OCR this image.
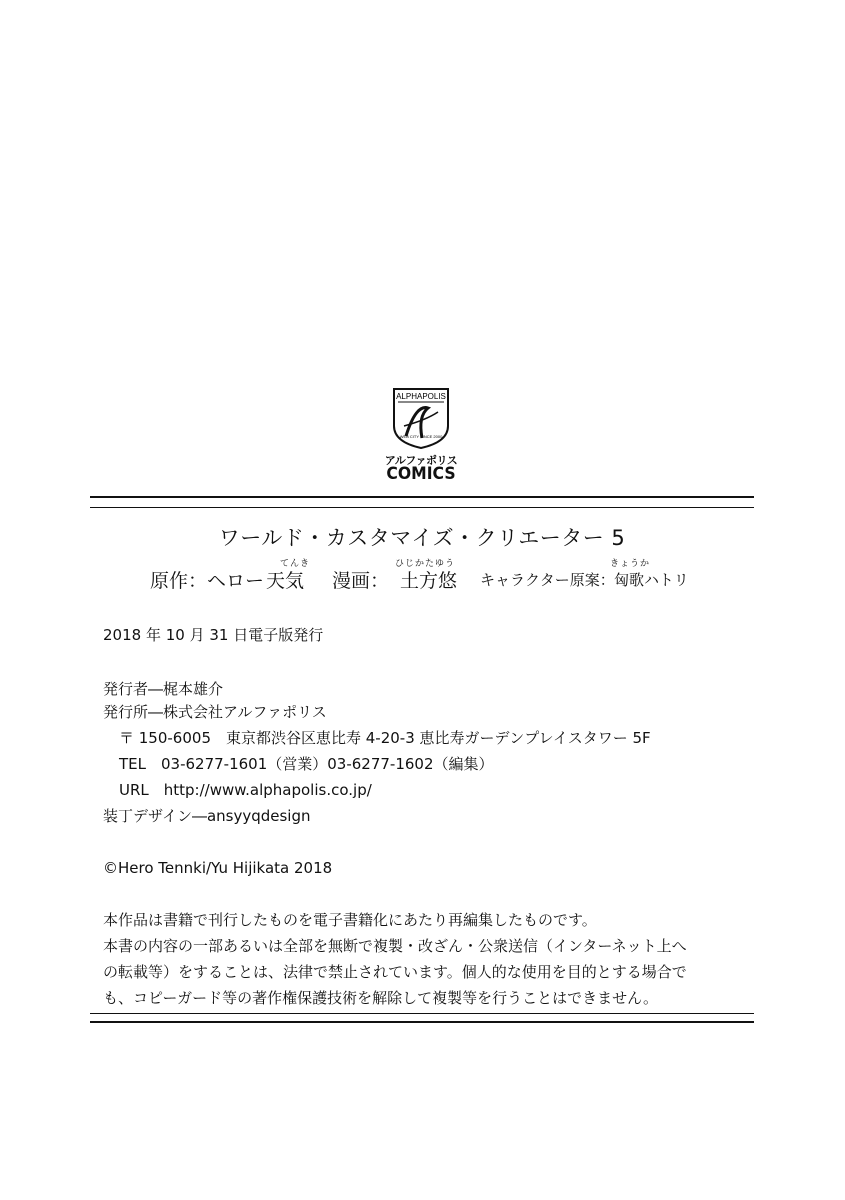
ALPHAPOLIS
WEB CITY SINCE 2000
アルファポリス
COMICS
ワールド・カスタマイズ・クリエーター 5
原作：ヘロー
てんき
天気 漫画：
ひじかたゆう
土方悠 キャラクター原案：
きょうか
匈歌ハトリ
2018 年 10 月 31 日電子版発行
発行者―梶本雄介
発行所―株式会社アルファポリス
〒 150-6005　東京都渋谷区恵比寿 4-20-3 恵比寿ガーデンプレイスタワー 5F
TEL　03-6277-1601（営業）03-6277-1602（編集）
URL　http://www.alphapolis.co.jp/
装丁デザイン―ansyyqdesign
©Hero Tennki/Yu Hijikata 2018
本作品は書籍で刊行したものを電子書籍化にあたり再編集したものです。
本書の内容の一部あるいは全部を無断で複製・改ざん・公衆送信（インターネット上へ
の転載等）をすることは、法律で禁止されています。個人的な使用を目的とする場合で
も、コピーガード等の著作権保護技術を解除して複製等を行うことはできません。
